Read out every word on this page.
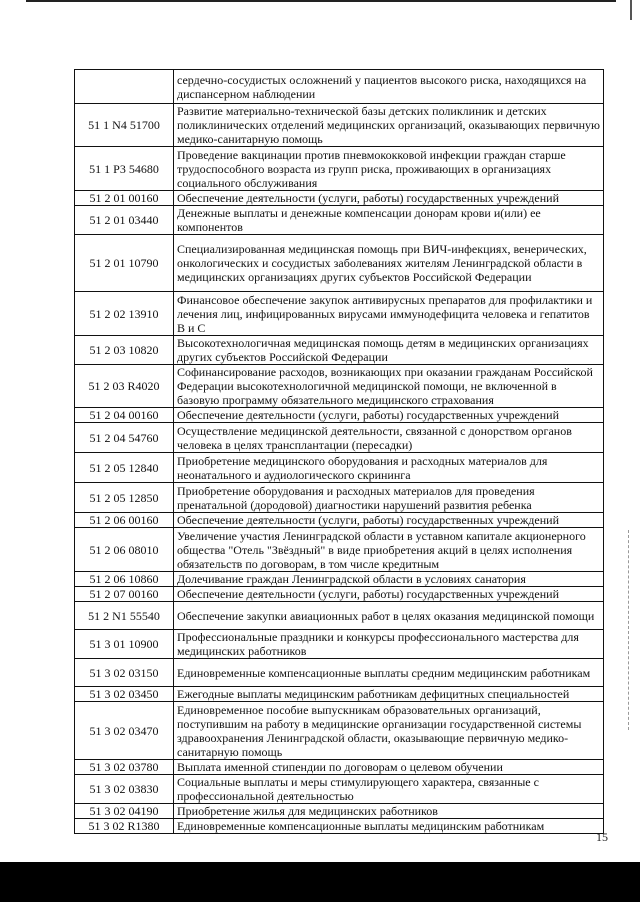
	сердечно-сосудистых осложнений у пациентов высокого риска, находящихся на диспансерном наблюдении
51 1 N4 51700	Развитие материально-технической базы детских поликлиник и детских поликлинических отделений медицинских организаций, оказывающих первичную медико-санитарную помощь
51 1 P3 54680	Проведение вакцинации против пневмококковой инфекции граждан старше трудоспособного возраста из групп риска, проживающих в организациях социального обслуживания
51 2 01 00160	Обеспечение деятельности (услуги, работы) государственных учреждений
51 2 01 03440	Денежные выплаты и денежные компенсации донорам крови и(или) ее компонентов
51 2 01 10790	Специализированная медицинская помощь при ВИЧ-инфекциях, венерических, онкологических и сосудистых заболеваниях жителям Ленинградской области в медицинских организациях других субъектов Российской Федерации
51 2 02 13910	Финансовое обеспечение закупок антивирусных препаратов для профилактики и лечения лиц, инфицированных вирусами иммунодефицита человека и гепатитов В и С
51 2 03 10820	Высокотехнологичная медицинская помощь детям в медицинских организациях других субъектов Российской Федерации
51 2 03 R4020	Софинансирование расходов, возникающих при оказании гражданам Российской Федерации высокотехнологичной медицинской помощи, не включенной в базовую программу обязательного медицинского страхования
51 2 04 00160	Обеспечение деятельности (услуги, работы) государственных учреждений
51 2 04 54760	Осуществление медицинской деятельности, связанной с донорством органов человека в целях трансплантации (пересадки)
51 2 05 12840	Приобретение медицинского оборудования и расходных материалов для неонатального и аудиологического скрининга
51 2 05 12850	Приобретение оборудования и расходных материалов для проведения пренатальной (дородовой) диагностики нарушений развития ребенка
51 2 06 00160	Обеспечение деятельности (услуги, работы) государственных учреждений
51 2 06 08010	Увеличение участия Ленинградской области в уставном капитале акционерного общества "Отель "Звёздный" в виде приобретения акций в целях исполнения обязательств по договорам, в том числе кредитным
51 2 06 10860	Долечивание граждан Ленинградской области в условиях санатория
51 2 07 00160	Обеспечение деятельности (услуги, работы) государственных учреждений
51 2 N1 55540	Обеспечение закупки авиационных работ в целях оказания медицинской помощи
51 3 01 10900	Профессиональные праздники и конкурсы профессионального мастерства для медицинских работников
51 3 02 03150	Единовременные компенсационные выплаты средним медицинским работникам
51 3 02 03450	Ежегодные выплаты медицинским работникам дефицитных специальностей
51 3 02 03470	Единовременное пособие выпускникам образовательных организаций, поступившим на работу в медицинские организации государственной системы здравоохранения Ленинградской области, оказывающие первичную медико-санитарную помощь
51 3 02 03780	Выплата именной стипендии по договорам о целевом обучении
51 3 02 03830	Социальные выплаты и меры стимулирующего характера, связанные с профессиональной деятельностью
51 3 02 04190	Приобретение жилья для медицинских работников
51 3 02 R1380	Единовременные компенсационные выплаты медицинским работникам
15
